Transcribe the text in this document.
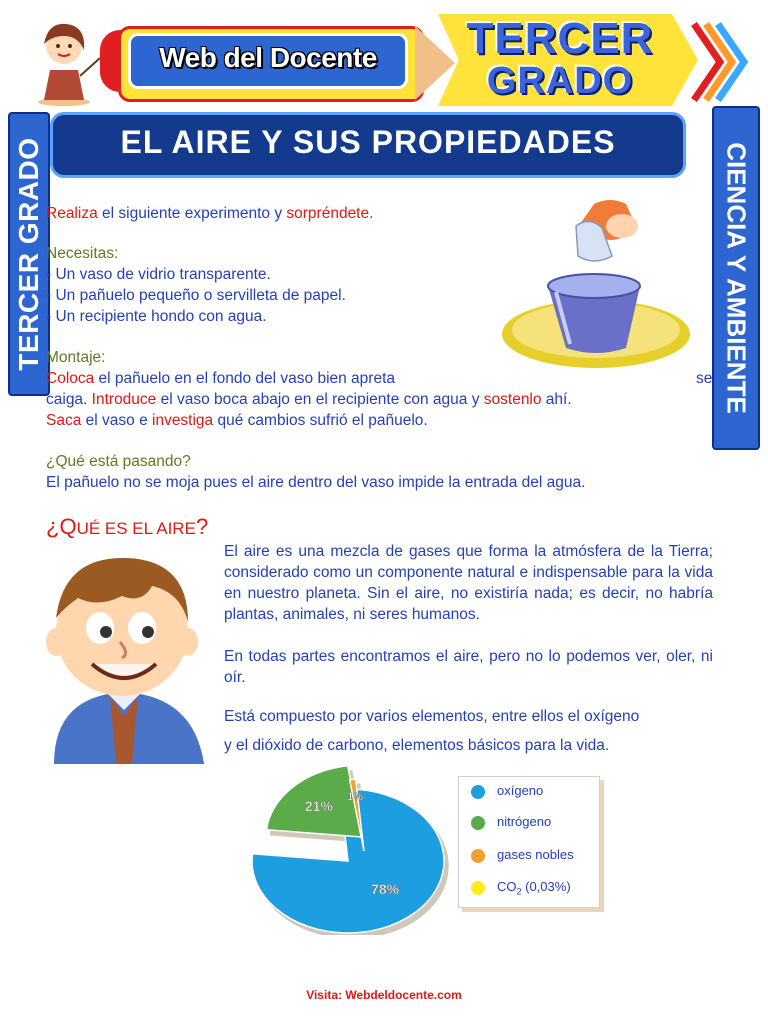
Web del Docente	TERCER
GRADO
TERCER GRADO	CIENCIA Y AMBIENTE
EL AIRE Y SUS PROPIEDADES
Realiza el siguiente experimento y sorpréndete.
Necesitas:
- Un vaso de vidrio transparente.
- Un pañuelo pequeño o servilleta de papel.
- Un recipiente hondo con agua.
Montaje:
Coloca el pañuelo en el fondo del vaso bien apreta	se
caiga. Introduce el vaso boca abajo en el recipiente con agua y sostenlo ahí.
Saca el vaso e investiga qué cambios sufrió el pañuelo.
¿Qué está pasando?
El pañuelo no se moja pues el aire dentro del vaso impide la entrada del agua.
¿QUÉ ES EL AIRE?
El aire es una mezcla de gases que forma la atmósfera de la Tierra; considerado como un componente natural e indispensable para la vida en nuestro planeta. Sin el aire, no existiría nada; es decir, no habría plantas, animales, ni seres humanos.
En todas partes encontramos el aire, pero no lo podemos ver, oler, ni oír.
Está compuesto por varios elementos, entre ellos el oxígeno
y el dióxido de carbono, elementos básicos para la vida.
78%
21%
1%	oxígeno
nitrógeno
gases nobles
$CO_2$ (0,03%)
Visita: Webdeldocente.com
